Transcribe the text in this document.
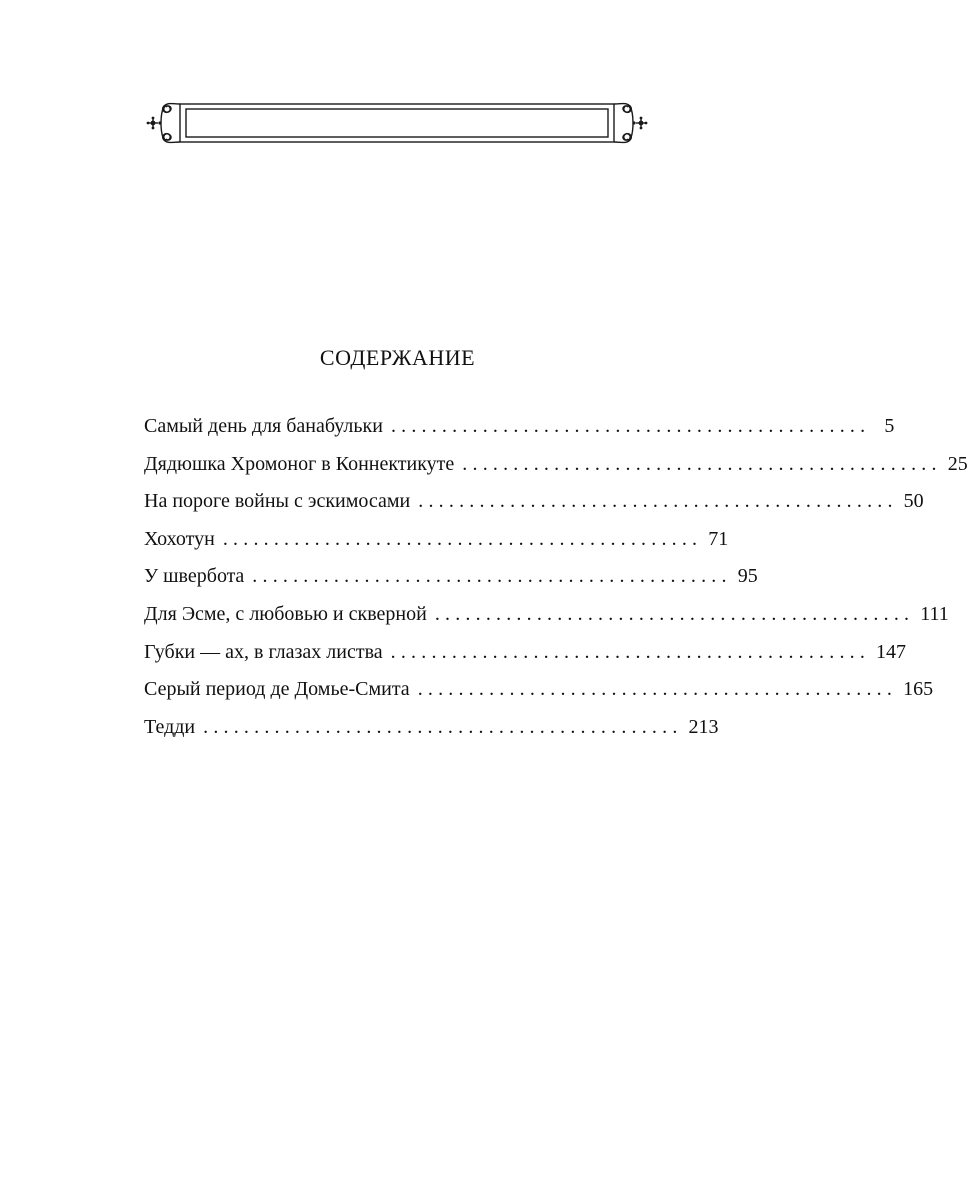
СОДЕРЖАНИЕ
Самый день для банабульки ............................................... 5
Дядюшка Хромоног в Коннектикуте ............................................... 25
На пороге войны с эскимосами ............................................... 50
Хохотун ............................................... 71
У шверботa ............................................... 95
Для Эсме, с любовью и скверной ............................................... 111
Губки — ах, в глазах листва ............................................... 147
Серый период де Домье-Смита ............................................... 165
Тедди ............................................... 213
